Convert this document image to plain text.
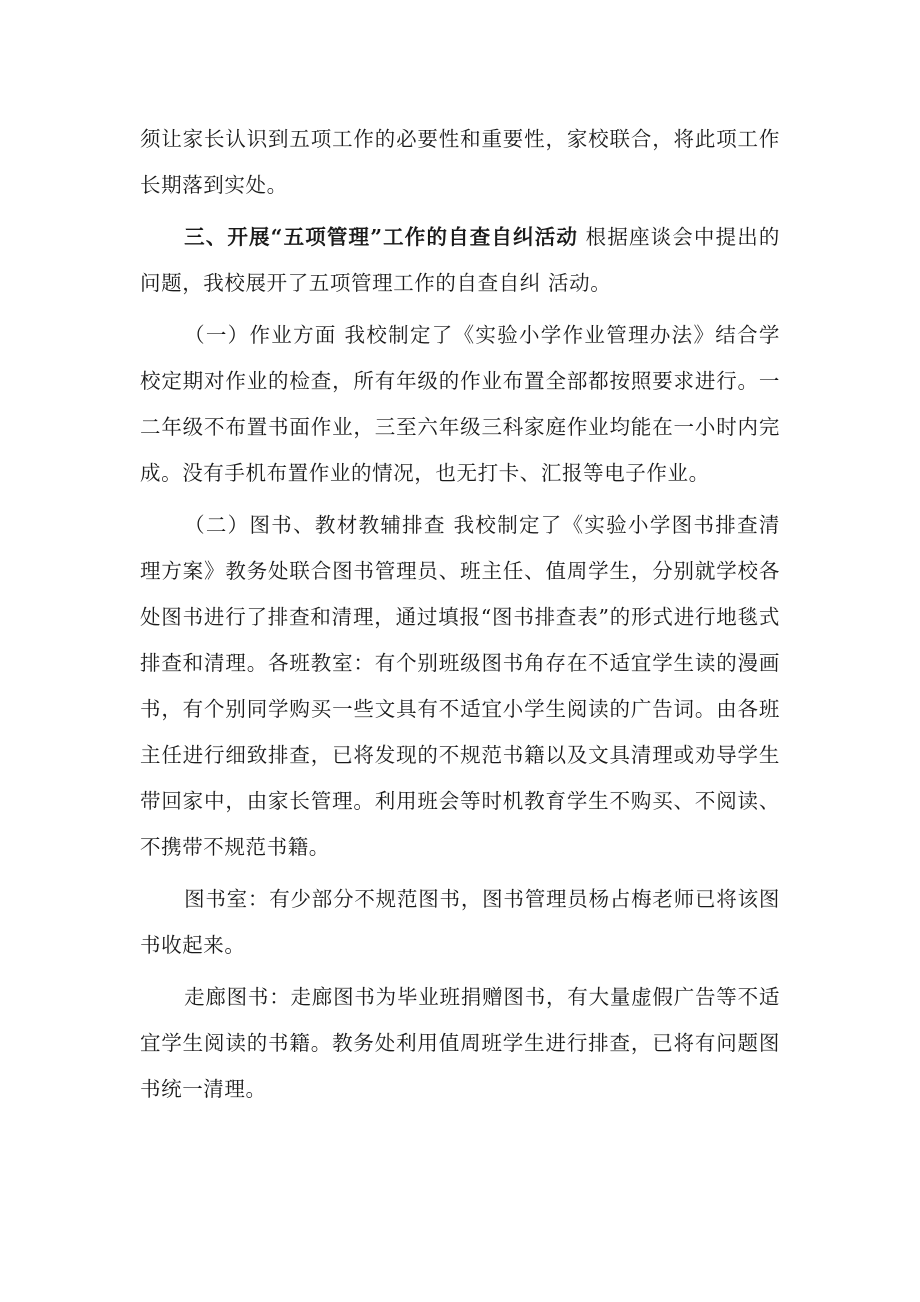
须让家长认识到五项工作的必要性和重要性，家校联合，将此项工作长期落到实处。

三、开展“五项管理”工作的自查自纠活动 根据座谈会中提出的问题，我校展开了五项管理工作的自查自纠 活动。

（一）作业方面 我校制定了《实验小学作业管理办法》结合学校定期对作业的检查，所有年级的作业布置全部都按照要求进行。一二年级不布置书面作业，三至六年级三科家庭作业均能在一小时内完成。没有手机布置作业的情况，也无打卡、汇报等电子作业。

（二）图书、教材教辅排查 我校制定了《实验小学图书排查清理方案》教务处联合图书管理员、班主任、值周学生，分别就学校各处图书进行了排查和清理，通过填报“图书排查表”的形式进行地毯式排查和清理。各班教室：有个别班级图书角存在不适宜学生读的漫画书，有个别同学购买一些文具有不适宜小学生阅读的广告词。由各班主任进行细致排查，已将发现的不规范书籍以及文具清理或劝导学生带回家中，由家长管理。利用班会等时机教育学生不购买、不阅读、不携带不规范书籍。

图书室：有少部分不规范图书，图书管理员杨占梅老师已将该图书收起来。

走廊图书：走廊图书为毕业班捐赠图书，有大量虚假广告等不适宜学生阅读的书籍。教务处利用值周班学生进行排查，已将有问题图书统一清理。
